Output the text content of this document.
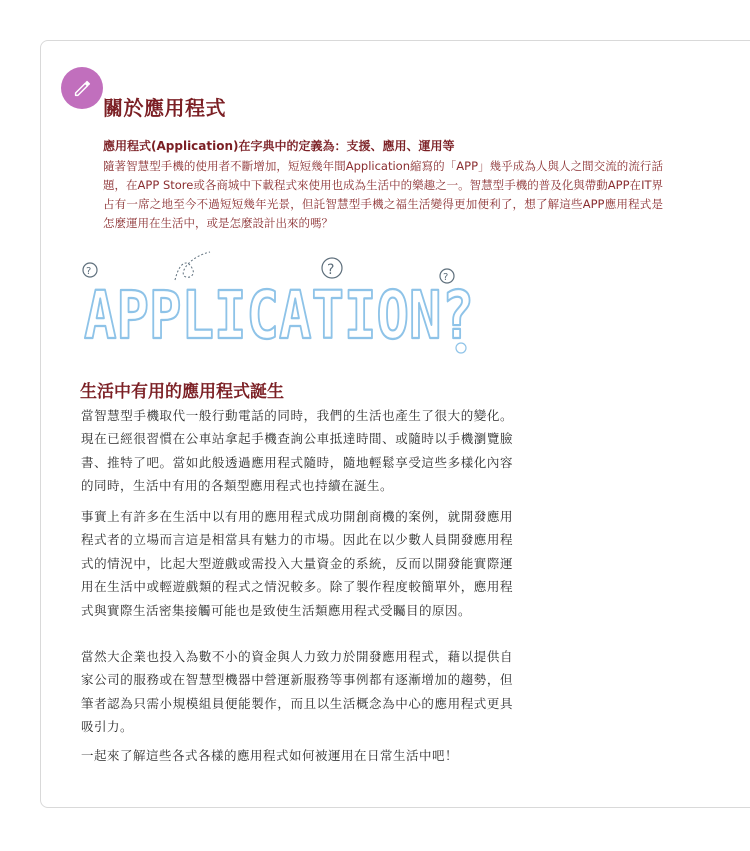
關於應用程式

應用程式(Application)在字典中的定義為：支援、應用、運用等

隨著智慧型手機的使用者不斷增加，短短幾年間Application縮寫的「APP」幾乎成為人與人之間交流的流行話題，在APP Store或各商城中下載程式來使用也成為生活中的樂趣之一。智慧型手機的普及化與帶動APP在IT界占有一席之地至今不過短短幾年光景，但託智慧型手機之福生活變得更加便利了，想了解這些APP應用程式是怎麼運用在生活中，或是怎麼設計出來的嗎？

APPLICATION?
?	?	?
生活中有用的應用程式誕生

當智慧型手機取代一般行動電話的同時，我們的生活也產生了很大的變化。現在已經很習慣在公車站拿起手機查詢公車抵達時間、或隨時以手機瀏覽臉書、推特了吧。當如此般透過應用程式隨時，隨地輕鬆享受這些多樣化內容的同時，生活中有用的各類型應用程式也持續在誕生。

事實上有許多在生活中以有用的應用程式成功開創商機的案例，就開發應用程式者的立場而言這是相當具有魅力的市場。因此在以少數人員開發應用程式的情況中，比起大型遊戲或需投入大量資金的系統，反而以開發能實際運用在生活中或輕遊戲類的程式之情況較多。除了製作程度較簡單外，應用程式與實際生活密集接觸可能也是致使生活類應用程式受矚目的原因。

當然大企業也投入為數不小的資金與人力致力於開發應用程式，藉以提供自家公司的服務或在智慧型機器中營運新服務等事例都有逐漸增加的趨勢，但筆者認為只需小規模組員便能製作，而且以生活概念為中心的應用程式更具吸引力。

一起來了解這些各式各樣的應用程式如何被運用在日常生活中吧！
